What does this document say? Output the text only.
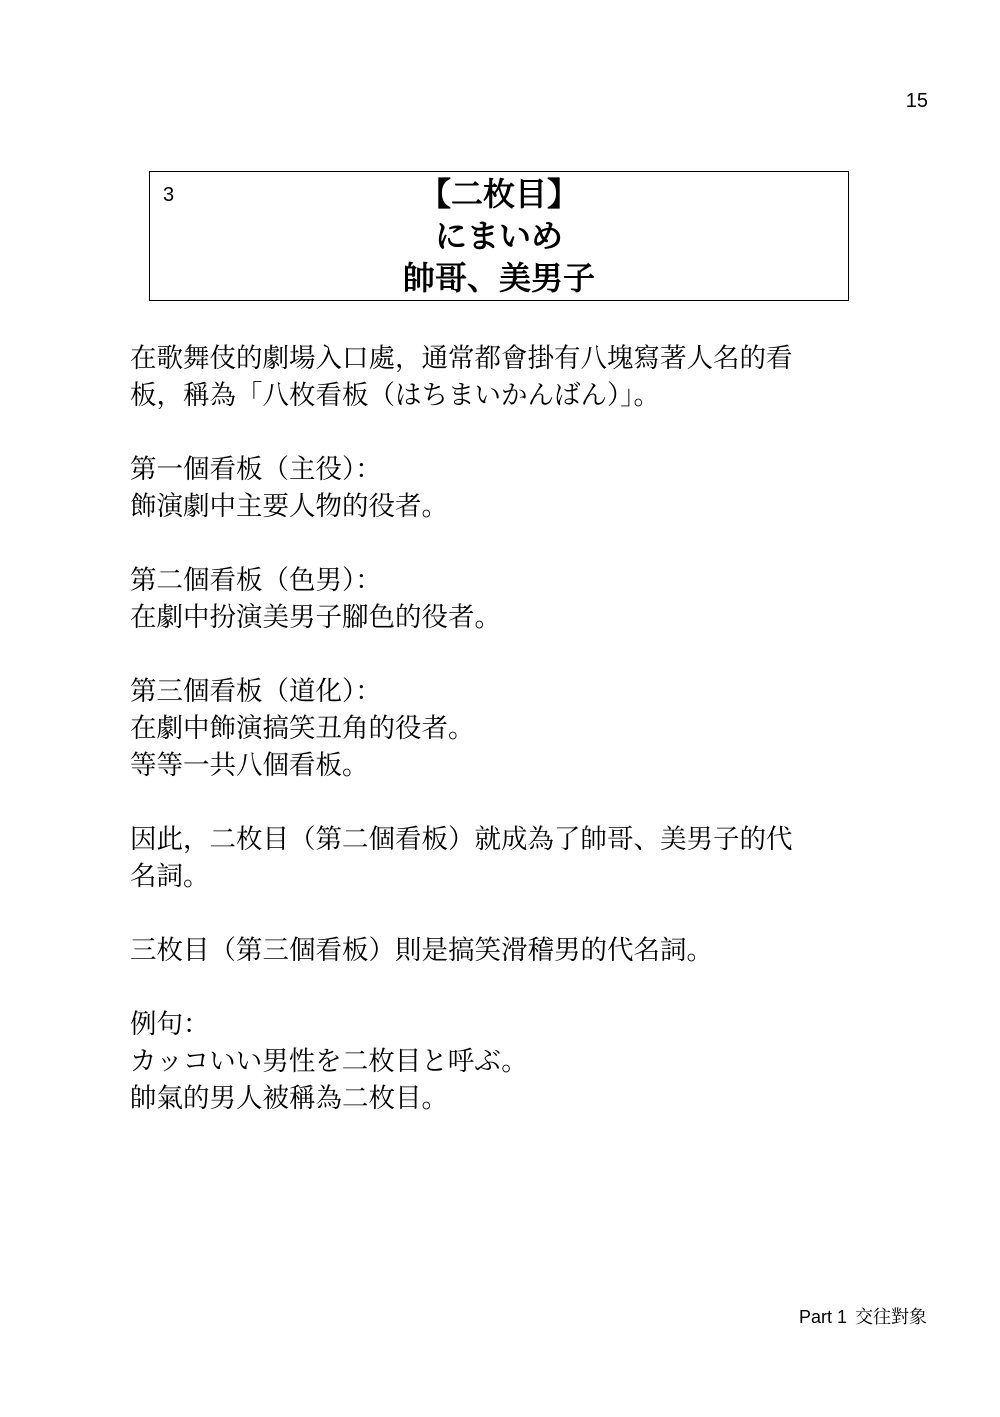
15
3	【二枚目】
にまいめ
帥哥、美男子

在歌舞伎的劇場入口處，通常都會掛有八塊寫著人名的看
板，稱為「八枚看板（はちまいかんばん）」。

第一個看板（主役）：
飾演劇中主要人物的役者。

第二個看板（色男）：
在劇中扮演美男子腳色的役者。

第三個看板（道化）：
在劇中飾演搞笑丑角的役者。
等等一共八個看板。

因此，二枚目（第二個看板）就成為了帥哥、美男子的代
名詞。

三枚目（第三個看板）則是搞笑滑稽男的代名詞。

例句：
カッコいい男性を二枚目と呼ぶ。
帥氣的男人被稱為二枚目。

Part 1 交往對象
